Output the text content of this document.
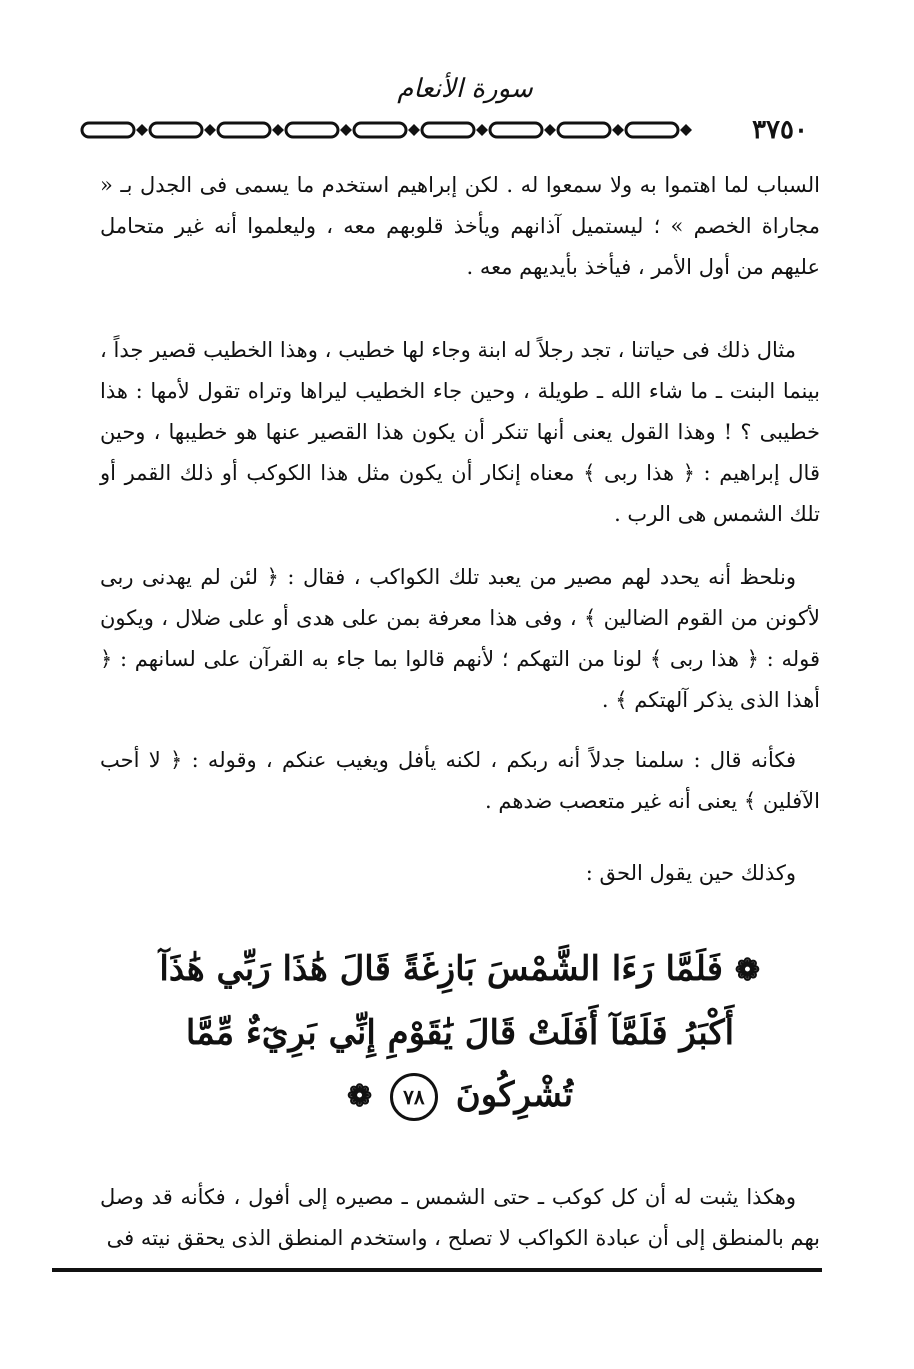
سورة الأنعام
٣٧٥٠

السباب لما اهتموا به ولا سمعوا له . لكن إبراهيم استخدم ما يسمى فى الجدل بـ « مجاراة الخصم » ؛ ليستميل آذانهم ويأخذ قلوبهم معه ، وليعلموا أنه غير متحامل عليهم من أول الأمر ، فيأخذ بأيديهم معه .

مثال ذلك فى حياتنا ، تجد رجلاً له ابنة وجاء لها خطيب ، وهذا الخطيب قصير جداً ، بينما البنت ـ ما شاء الله ـ طويلة ، وحين جاء الخطيب ليراها وتراه تقول لأمها : هذا خطيبى ؟ ! وهذا القول يعنى أنها تنكر أن يكون هذا القصير عنها هو خطيبها ، وحين قال إبراهيم : ﴿ هذا ربى ﴾ معناه إنكار أن يكون مثل هذا الكوكب أو ذلك القمر أو تلك الشمس هى الرب .

ونلحظ أنه يحدد لهم مصير من يعبد تلك الكواكب ، فقال : ﴿ لئن لم يهدنى ربى لأكونن من القوم الضالين ﴾ ، وفى هذا معرفة بمن على هدى أو على ضلال ، ويكون قوله : ﴿ هذا ربى ﴾ لونا من التهكم ؛ لأنهم قالوا بما جاء به القرآن على لسانهم : ﴿ أهذا الذى يذكر آلهتكم ﴾ .

فكأنه قال : سلمنا جدلاً أنه ربكم ، لكنه يأفل ويغيب عنكم ، وقوله : ﴿ لا أحب الآفلين ﴾ يعنى أنه غير متعصب ضدهم .

وكذلك حين يقول الحق :

❁ فَلَمَّا رَءَا الشَّمْسَ بَازِغَةً قَالَ هَٰذَا رَبِّي هَٰذَآ
أَكْبَرُ فَلَمَّآ أَفَلَتْ قَالَ يَٰقَوْمِ إِنِّي بَرِيٓءٌ مِّمَّا
تُشْرِكُونَ ٧٨ ❁

وهكذا يثبت له أن كل كوكب ـ حتى الشمس ـ مصيره إلى أفول ، فكأنه قد وصل بهم بالمنطق إلى أن عبادة الكواكب لا تصلح ، واستخدم المنطق الذى يحقق نيته فى
